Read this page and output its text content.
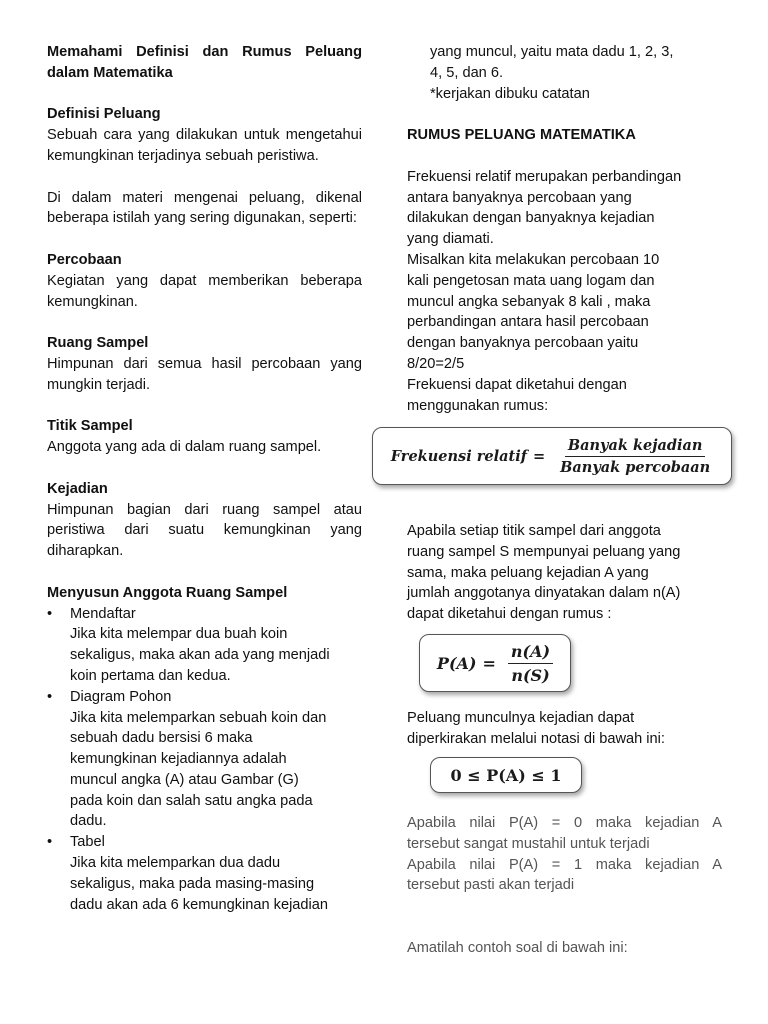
Memahami Definisi dan Rumus Peluang dalam Matematika

Definisi Peluang

Sebuah cara yang dilakukan untuk mengetahui kemungkinan terjadinya sebuah peristiwa.

Di dalam materi mengenai peluang, dikenal beberapa istilah yang sering digunakan, seperti:

Percobaan

Kegiatan yang dapat memberikan beberapa kemungkinan.

Ruang Sampel

Himpunan dari semua hasil percobaan yang mungkin terjadi.

Titik Sampel

Anggota yang ada di dalam ruang sampel.

Kejadian

Himpunan bagian dari ruang sampel atau peristiwa dari suatu kemungkinan yang diharapkan.

Menyusun Anggota Ruang Sampel

• Mendaftar
Jika kita melempar dua buah koin
sekaligus, maka akan ada yang menjadi
koin pertama dan kedua.
• Diagram Pohon
Jika kita melemparkan sebuah koin dan
sebuah dadu bersisi 6 maka
kemungkinan kejadiannya adalah
muncul angka (A) atau Gambar (G)
pada koin dan salah satu angka pada
dadu.
• Tabel
Jika kita melemparkan dua dadu
sekaligus, maka pada masing-masing
dadu akan ada 6 kemungkinan kejadian

yang muncul, yaitu mata dadu 1, 2, 3,

4, 5, dan 6.

*kerjakan dibuku catatan

RUMUS PELUANG MATEMATIKA

Frekuensi relatif merupakan perbandingan

antara banyaknya percobaan yang

dilakukan dengan banyaknya kejadian

yang diamati.

Misalkan kita melakukan percobaan 10

kali pengetosan mata uang logam dan

muncul angka sebanyak 8 kali , maka

perbandingan antara hasil percobaan

dengan banyaknya percobaan yaitu

8/20=2/5

Frekuensi dapat diketahui dengan

menggunakan rumus:

Frekuensi relatif = $\frac{\text{Banyak kejadian}}{\text{Banyak percobaan}}$

Apabila setiap titik sampel dari anggota

ruang sampel S mempunyai peluang yang

sama, maka peluang kejadian A yang

jumlah anggotanya dinyatakan dalam n(A)

dapat diketahui dengan rumus :

$P(A) = \frac{n(A)}{n(S)}$

Peluang munculnya kejadian dapat

diperkirakan melalui notasi di bawah ini:

0 ≤ P(A) ≤ 1

Apabila nilai P(A) = 0 maka kejadian A

tersebut sangat mustahil untuk terjadi

Apabila nilai P(A) = 1 maka kejadian A

tersebut pasti akan terjadi

Amatilah contoh soal di bawah ini:
